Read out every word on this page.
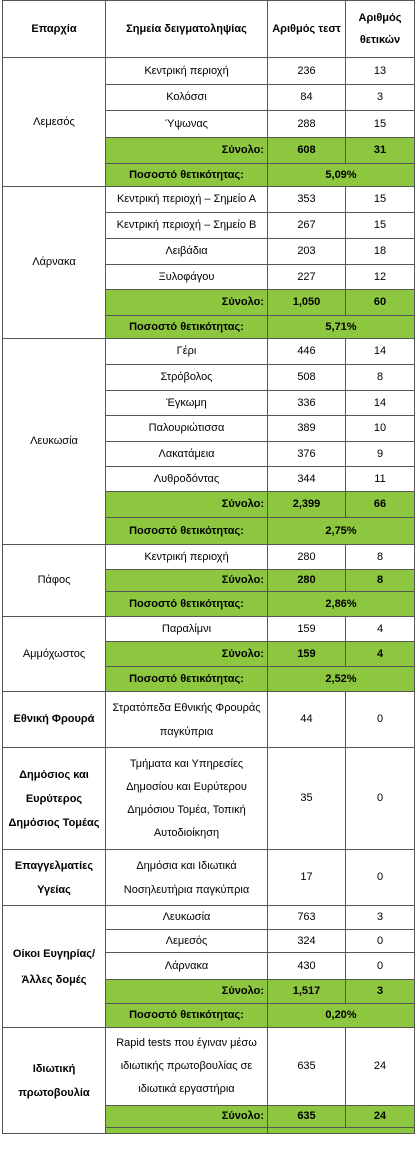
Επαρχία	Σημεία δειγματοληψίας	Αριθμός τεστ	Αριθμός θετικών
Λεμεσός	Κεντρική περιοχή	236	13
	Κολόσσι	84	3
	Ύψωνας	288	15
	Σύνολο:	608	31
	Ποσοστό θετικότητας:	5,09%	
Λάρνακα	Κεντρική περιοχή – Σημείο Α	353	15
	Κεντρική περιοχή – Σημείο Β	267	15
	Λειβάδια	203	18
	Ξυλοφάγου	227	12
	Σύνολο:	1,050	60
	Ποσοστό θετικότητας:	5,71%	
Λευκωσία	Γέρι	446	14
	Στρόβολος	508	8
	Έγκωμη	336	14
	Παλουριώτισσα	389	10
	Λακατάμεια	376	9
	Λυθροδόντας	344	11
	Σύνολο:	2,399	66
	Ποσοστό θετικότητας:	2,75%	
Πάφος	Κεντρική περιοχή	280	8
	Σύνολο:	280	8
	Ποσοστό θετικότητας:	2,86%	
Αμμόχωστος	Παραλίμνι	159	4
	Σύνολο:	159	4
	Ποσοστό θετικότητας:	2,52%	
Εθνική Φρουρά	Στρατόπεδα Εθνικής Φρουράς παγκύπρια	44	0
Δημόσιος και Ευρύτερος Δημόσιος Τομέας	Τμήματα και Υπηρεσίες Δημοσίου και Ευρύτερου Δημόσιου Τομέα, Τοπική Αυτοδιοίκηση	35	0
Επαγγελματίες Υγείας	Δημόσια και Ιδιωτικά Νοσηλευτήρια παγκύπρια	17	0
Οίκοι Ευγηρίας/Άλλες δομές	Λευκωσία	763	3
	Λεμεσός	324	0
	Λάρνακα	430	0
	Σύνολο:	1,517	3
	Ποσοστό θετικότητας:	0,20%	
Ιδιωτική πρωτοβουλία	Rapid tests που έγιναν μέσω ιδιωτικής πρωτοβουλίας σε ιδιωτικά εργαστήρια	635	24
	Σύνολο:	635	24
